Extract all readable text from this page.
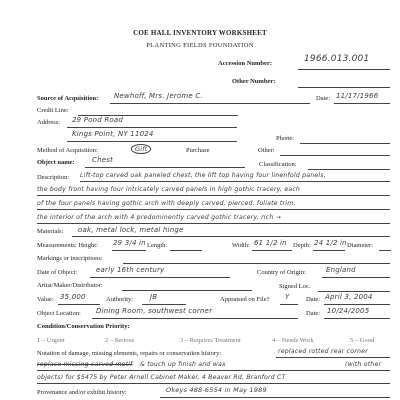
COE HALL INVENTORY WORKSHEET
PLANTING FIELDS FOUNDATION
Accession Number:	1966.013.001
Other Number:
Source of Acquisition: Newhoff, Mrs. Jerome C.	Date: 11/17/1966
Credit Line:
Address: 29 Pond Road
Kings Point, NY 11024
Phone:
Method of Acquisition:	Gift	Purchase	Other:
Object name: Chest
Classification:
Description: Lift-top carved oak paneled chest, the lift top having four linenfold panels,
the body front having four intricately carved panels in high gothic tracery, each
of the four panels having gothic arch with deeply carved, pierced, foliate trim,
the interior of the arch with 4 predominently carved gothic tracery, rich →
Materials: oak, metal lock, metal hinge
Measurements: Height: 29 3/4 in Length:	Width: 61 1/2 in Depth: 24 1/2 in Diameter:
Markings or inscriptions:
Date of Object:	early 16th century	Country of Origin:	England
Artist/Maker/Distributor:	Signed Loc.
Value: 35,000	Authority: JB	Appraised on File? Y	Date: April 3, 2004
Object Location: Dining Room, southwest corner	Date: 10/24/2005
Condition/Conservation Priority:
1 – Urgent	2 – Serious	3 – Requires Treatment	4 – Needs Work	5 – Good
Notation of damage, missing elements, repairs or conservation history:	replaced rotted rear corner
replace missing carved motif & touch up finish and wax	(with other
objects) for $5475 by Peter Arnell Cabinet Maker, 4 Beaver Rd, Branford CT
Provenance and/or exhibit history:	Okeys 488-6554 in May 1989
